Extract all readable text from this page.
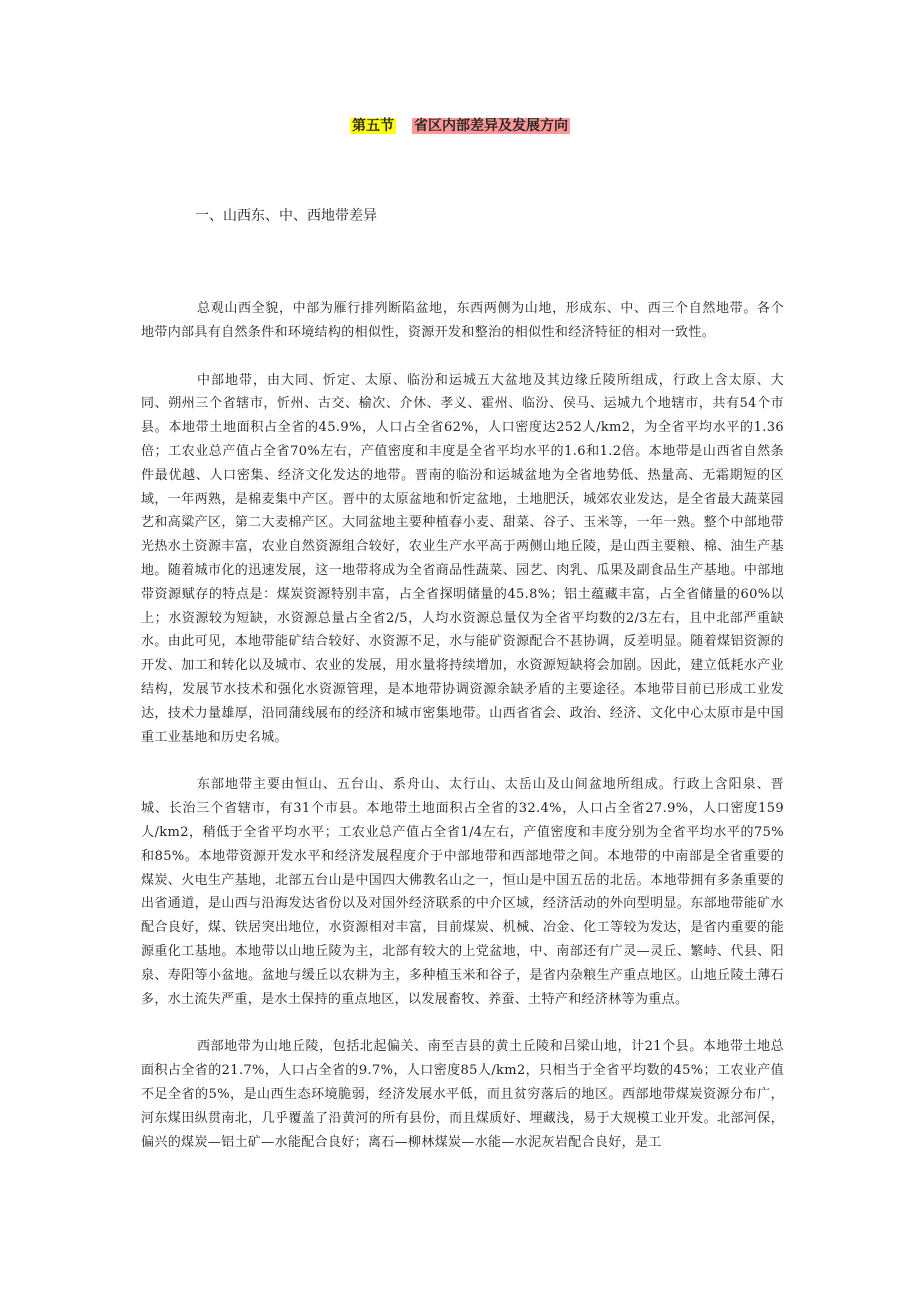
第五节 省区内部差异及发展方向
一、山西东、中、西地带差异

总观山西全貌，中部为雁行排列断陷盆地，东西两侧为山地，形成东、中、西三个自然地带。各个地带内部具有自然条件和环境结构的相似性，资源开发和整治的相似性和经济特征的相对一致性。

中部地带，由大同、忻定、太原、临汾和运城五大盆地及其边缘丘陵所组成，行政上含太原、大同、朔州三个省辖市，忻州、古交、榆次、介休、孝义、霍州、临汾、侯马、运城九个地辖市，共有54个市县。本地带土地面积占全省的45.9%，人口占全省62%，人口密度达252人/km2，为全省平均水平的1.36倍；工农业总产值占全省70%左右，产值密度和丰度是全省平均水平的1.6和1.2倍。本地带是山西省自然条件最优越、人口密集、经济文化发达的地带。晋南的临汾和运城盆地为全省地势低、热量高、无霜期短的区域，一年两熟，是棉麦集中产区。晋中的太原盆地和忻定盆地，土地肥沃，城郊农业发达，是全省最大蔬菜园艺和高粱产区，第二大麦棉产区。大同盆地主要种植春小麦、甜菜、谷子、玉米等，一年一熟。整个中部地带光热水土资源丰富，农业自然资源组合较好，农业生产水平高于两侧山地丘陵，是山西主要粮、棉、油生产基地。随着城市化的迅速发展，这一地带将成为全省商品性蔬菜、园艺、肉乳、瓜果及副食品生产基地。中部地带资源赋存的特点是：煤炭资源特别丰富，占全省探明储量的45.8%；铝土蕴藏丰富，占全省储量的60%以上；水资源较为短缺，水资源总量占全省2/5，人均水资源总量仅为全省平均数的2/3左右，且中北部严重缺水。由此可见，本地带能矿结合较好、水资源不足，水与能矿资源配合不甚协调，反差明显。随着煤铝资源的开发、加工和转化以及城市、农业的发展，用水量将持续增加，水资源短缺将会加剧。因此，建立低耗水产业结构，发展节水技术和强化水资源管理，是本地带协调资源余缺矛盾的主要途径。本地带目前已形成工业发达，技术力量雄厚，沿同蒲线展布的经济和城市密集地带。山西省省会、政治、经济、文化中心太原市是中国重工业基地和历史名城。

东部地带主要由恒山、五台山、系舟山、太行山、太岳山及山间盆地所组成。行政上含阳泉、晋城、长治三个省辖市，有31个市县。本地带土地面积占全省的32.4%，人口占全省27.9%，人口密度159人/km2，稍低于全省平均水平；工农业总产值占全省1/4左右，产值密度和丰度分别为全省平均水平的75%和85%。本地带资源开发水平和经济发展程度介于中部地带和西部地带之间。本地带的中南部是全省重要的煤炭、火电生产基地，北部五台山是中国四大佛教名山之一，恒山是中国五岳的北岳。本地带拥有多条重要的出省通道，是山西与沿海发达省份以及对国外经济联系的中介区域，经济活动的外向型明显。东部地带能矿水配合良好，煤、铁居突出地位，水资源相对丰富，目前煤炭、机械、冶金、化工等较为发达，是省内重要的能源重化工基地。本地带以山地丘陵为主，北部有较大的上党盆地，中、南部还有广灵—灵丘、繁峙、代县、阳泉、寿阳等小盆地。盆地与缓丘以农耕为主，多种植玉米和谷子，是省内杂粮生产重点地区。山地丘陵土薄石多，水土流失严重，是水土保持的重点地区，以发展畜牧、养蚕、土特产和经济林等为重点。

西部地带为山地丘陵，包括北起偏关、南至吉县的黄土丘陵和吕梁山地，计21个县。本地带土地总面积占全省的21.7%，人口占全省的9.7%，人口密度85人/km2，只相当于全省平均数的45%；工农业产值不足全省的5%，是山西生态环境脆弱，经济发展水平低，而且贫穷落后的地区。西部地带煤炭资源分布广，河东煤田纵贯南北，几乎覆盖了沿黄河的所有县份，而且煤质好、埋藏浅，易于大规模工业开发。北部河保，偏兴的煤炭—铝土矿—水能配合良好；离石—柳林煤炭—水能—水泥灰岩配合良好，是工
